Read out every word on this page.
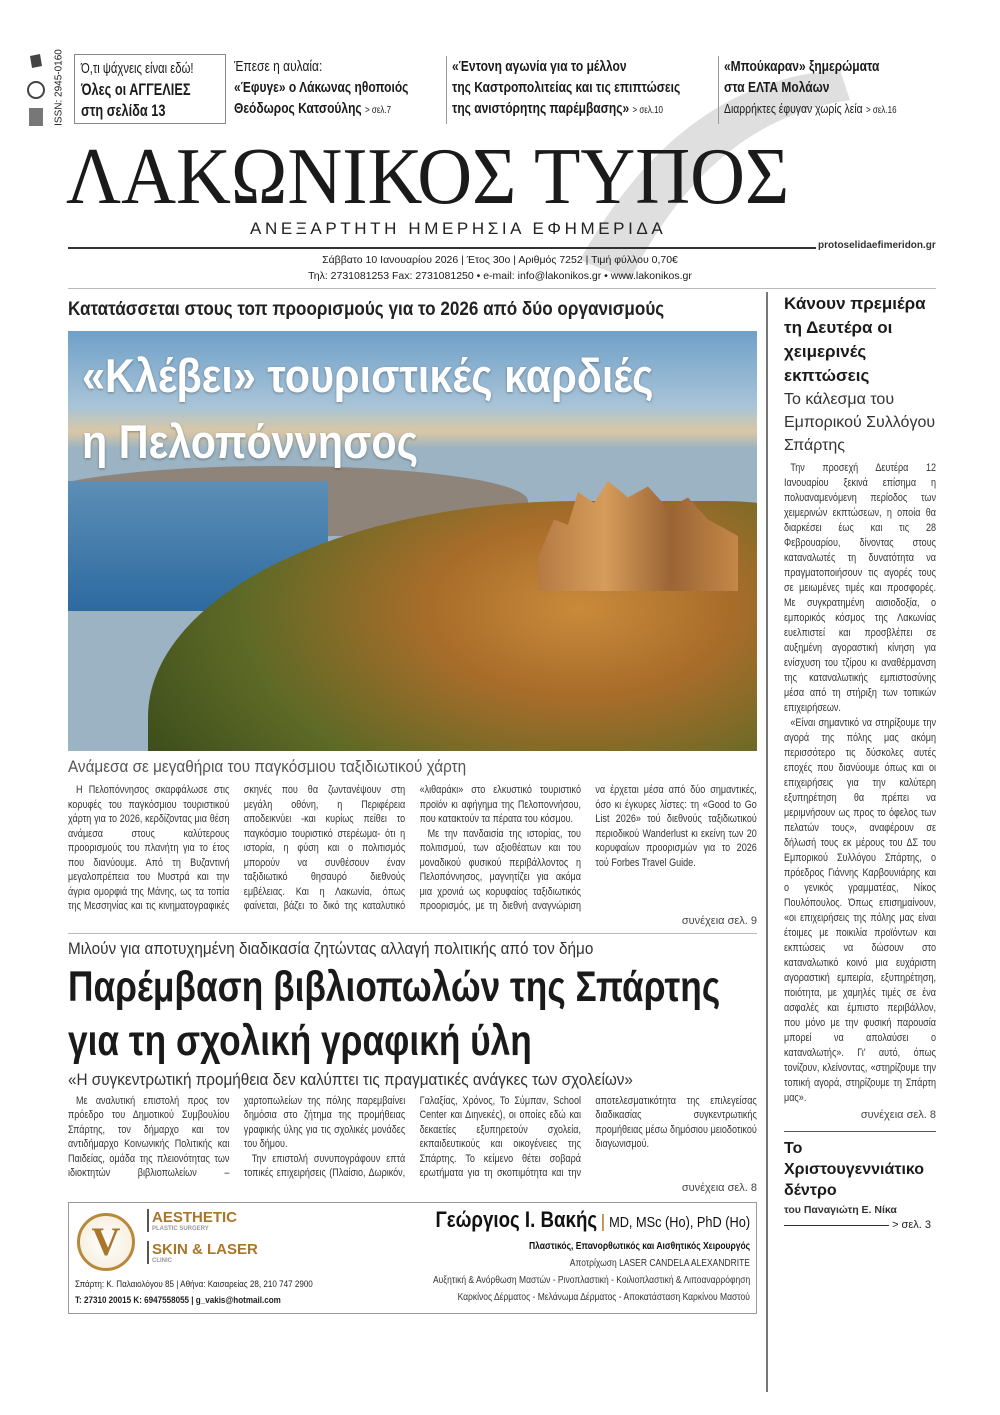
ISSN: 2945-0160 Ό,τι ψάχνεις είναι εδώ!
Όλες οι ΑΓΓΕΛΙΕΣ
στη σελίδα 13
Έπεσε η αυλαία:
«Έφυγε» ο Λάκωνας ηθοποιός
Θεόδωρος Κατσούλης > σελ.7
«Έντονη αγωνία για το μέλλον
της Καστροπολιτείας και τις επιπτώσεις
της ανιστόρητης παρέμβασης» > σελ.10
«Μπούκαραν» ξημερώματα
στα ΕΛΤΑ Μολάων
Διαρρήκτες έφυγαν χωρίς λεία > σελ.16
ΛΑΚΩΝΙΚΟΣ ΤΥΠΟΣ
ΑΝΕΞΑΡΤΗΤΗ ΗΜΕΡΗΣΙΑ ΕΦΗΜΕΡΙΔΑ
protoselidaefimeridon.gr
Σάββατο 10 Ιανουαρίου 2026 | Έτος 30ο | Αριθμός 7252 | Τιμή φύλλου 0,70€
Τηλ: 2731081253 Fax: 2731081250 • e-mail: info@lakonikos.gr • www.lakonikos.gr
Κατατάσσεται στους τοπ προορισμούς για το 2026 από δύο οργανισμούς
«Κλέβει» τουριστικές καρδιές
η Πελοπόννησος
Ανάμεσα σε μεγαθήρια του παγκόσμιου ταξιδιωτικού χάρτη

Η Πελοπόννησος σκαρφάλωσε στις κορυφές του παγκόσμιου τουριστικού χάρτη για το 2026, κερδίζοντας μια θέση ανάμεσα στους καλύτερους προορισμούς του πλανήτη για το έτος που διανύουμε. Από τη Βυζαντινή μεγαλοπρέπεια του Μυστρά και την άγρια ομορφιά της Μάνης, ως τα τοπία της Μεσσηνίας και τις κινηματογραφικές σκηνές που θα ζωντανέψουν στη μεγάλη οθόνη, η Περιφέρεια αποδεικνύει -και κυρίως πείθει το παγκόσμιο τουριστικό στερέωμα- ότι η ιστορία, η φύση και ο πολιτισμός μπορούν να συνθέσουν έναν ταξιδιωτικό θησαυρό διεθνούς εμβέλειας. Και η Λακωνία, όπως φαίνεται, βάζει το δικό της καταλυτικό «λιθαράκι» στο ελκυστικό τουριστικό προϊόν κι αφήγημα της Πελοποννήσου, που κατακτούν τα πέρατα του κόσμου.

Με την πανδαισία της ιστορίας, του πολιτισμού, των αξιοθέατων και του μοναδικού φυσικού περιβάλλοντος η Πελοπόννησος, μαγνητίζει για ακόμα μια χρονιά ως κορυφαίος ταξιδιωτικός προορισμός, με τη διεθνή αναγνώριση να έρχεται μέσα από δύο σημαντικές, όσο κι έγκυρες λίστες: τη «Good to Go List 2026» τού διεθνούς ταξιδιωτικού περιοδικού Wanderlust κι εκείνη των 20 κορυφαίων προορισμών για το 2026 τού Forbes Travel Guide.

συνέχεια σελ. 9
Μιλούν για αποτυχημένη διαδικασία ζητώντας αλλαγή πολιτικής από τον δήμο
Παρέμβαση βιβλιοπωλών της Σπάρτης
για τη σχολική γραφική ύλη
«Η συγκεντρωτική προμήθεια δεν καλύπτει τις πραγματικές ανάγκες των σχολείων»

Με αναλυτική επιστολή προς τον πρόεδρο του Δημοτικού Συμβουλίου Σπάρτης, τον δήμαρχο και τον αντιδήμαρχο Κοινωνικής Πολιτικής και Παιδείας, ομάδα της πλειονότητας των ιδιοκτητών βιβλιοπωλείων – χαρτοπωλείων της πόλης παρεμβαίνει δημόσια στο ζήτημα της προμήθειας γραφικής ύλης για τις σχολικές μονάδες του δήμου.

Την επιστολή συνυπογράφουν επτά τοπικές επιχειρήσεις (Πλαίσιο, Δωρικόν, Γαλαξίας, Χρόνος, Το Σύμπαν, School Center και Διηνεκές), οι οποίες εδώ και δεκαετίες εξυπηρετούν σχολεία, εκπαιδευτικούς και οικογένειες της Σπάρτης. Το κείμενο θέτει σοβαρά ερωτήματα για τη σκοπιμότητα και την αποτελεσματικότητα της επιλεγείσας διαδικασίας συγκεντρωτικής προμήθειας μέσω δημόσιου μειοδοτικού διαγωνισμού.

συνέχεια σελ. 8
V
AESTHETIC
PLASTIC SURGERY
SKIN & LASER
CLINIC
Σπάρτη: Κ. Παλαιολόγου 85 | Αθήνα: Καισαρείας 28, 210 747 2900
Τ: 27310 20015 Κ: 6947558055 | g_vakis@hotmail.com
Γεώργιος Ι. Βακής MD, MSc (Ho), PhD (Ho)
Πλαστικός, Επανορθωτικός και Αισθητικός Χειρουργός
Αποτρίχωση LASER CANDELA ALEXANDRITE
Αυξητική & Ανόρθωση Μαστών - Ρινοπλαστική - Κοιλιοπλαστική & Λιποαναρρόφηση
Καρκίνος Δέρματος - Μελάνωμα Δέρματος - Αποκατάσταση Καρκίνου Μαστού
Κάνουν πρεμιέρα τη Δευτέρα οι χειμερινές εκπτώσεις
Το κάλεσμα του Εμπορικού Συλλόγου Σπάρτης

Την προσεχή Δευτέρα 12 Ιανουαρίου ξεκινά επίσημα η πολυαναμενόμενη περίοδος των χειμερινών εκπτώσεων, η οποία θα διαρκέσει έως και τις 28 Φεβρουαρίου, δίνοντας στους καταναλωτές τη δυνατότητα να πραγματοποιήσουν τις αγορές τους σε μειωμένες τιμές και προσφορές. Με συγκρατημένη αισιοδοξία, ο εμπορικός κόσμος της Λακωνίας ευελπιστεί και προσβλέπει σε αυξημένη αγοραστική κίνηση για ενίσχυση του τζίρου κι αναθέρμανση της καταναλωτικής εμπιστοσύνης μέσα από τη στήριξη των τοπικών επιχειρήσεων.

«Είναι σημαντικό να στηρίξουμε την αγορά της πόλης μας ακόμη περισσότερο τις δύσκολες αυτές εποχές που διανύουμε όπως και οι επιχειρήσεις για την καλύτερη εξυπηρέτηση θα πρέπει να μεριμνήσουν ως προς το όφελος των πελατών τους», αναφέρουν σε δήλωσή τους εκ μέρους του ΔΣ του Εμπορικού Συλλόγου Σπάρτης, ο πρόεδρος Γιάννης Καρβουνιάρης και ο γενικός γραμματέας, Νίκος Πουλόπουλος. Όπως επισημαίνουν, «οι επιχειρήσεις της πόλης μας είναι έτοιμες με ποικιλία προϊόντων και εκπτώσεις να δώσουν στο καταναλωτικό κοινό μια ευχάριστη αγοραστική εμπειρία, εξυπηρέτηση, ποιότητα, με χαμηλές τιμές σε ένα ασφαλές και έμπιστο περιβάλλον, που μόνο με την φυσική παρουσία μπορεί να απολαύσει ο καταναλωτής». Γι' αυτό, όπως τονίζουν, κλείνοντας, «στηρίζουμε την τοπική αγορά, στηρίζουμε τη Σπάρτη μας».

συνέχεια σελ. 8
Το Χριστουγεννιάτικο δέντρο
του Παναγιώτη Ε. Νίκα
> σελ. 3
